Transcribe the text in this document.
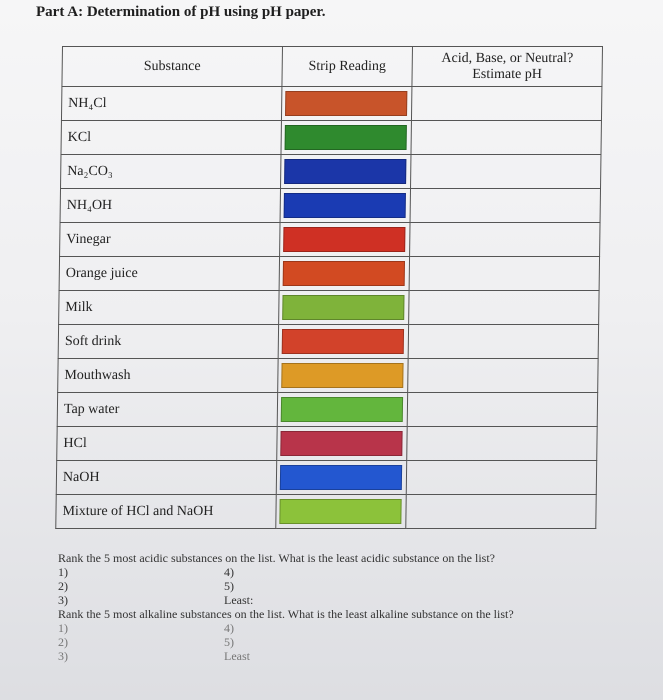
Part A: Determination of pH using pH paper.
Substance	Strip Reading	Acid, Base, or Neutral?
Estimate pH

NH₄Cl	

KCl	

Na₂CO₃	

NH₄OH	

Vinegar	

Orange juice	

Milk	

Soft drink	

Mouthwash	

Tap water	

HCl	

NaOH	

Mixture of HCl and NaOH	

Rank the 5 most acidic substances on the list. What is the least acidic substance on the list?
1)	4)
2)	5)
3)	Least:
Rank the 5 most alkaline substances on the list. What is the least alkaline substance on the list?
1)	4)
2)	5)
3)	Least
